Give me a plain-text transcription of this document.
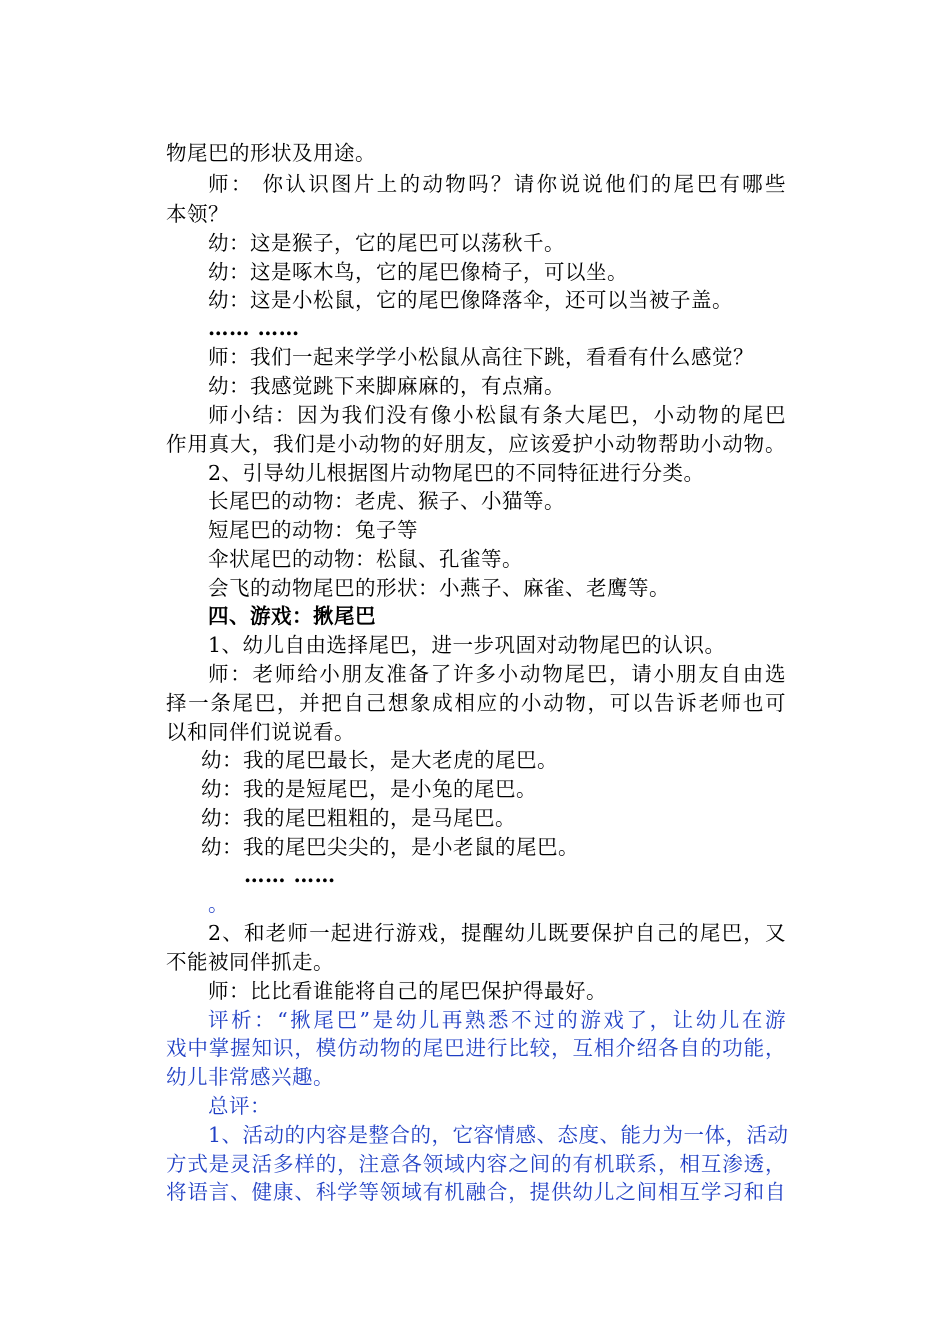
物尾巴的形状及用途。
师： 你认识图片上的动物吗？请你说说他们的尾巴有哪些
本领？
幼：这是猴子，它的尾巴可以荡秋千。
幼：这是啄木鸟，它的尾巴像椅子，可以坐。
幼：这是小松鼠，它的尾巴像降落伞，还可以当被子盖。
…… ……
师：我们一起来学学小松鼠从高往下跳，看看有什么感觉？
幼：我感觉跳下来脚麻麻的，有点痛。
师小结：因为我们没有像小松鼠有条大尾巴，小动物的尾巴
作用真大，我们是小动物的好朋友，应该爱护小动物帮助小动物。
2、引导幼儿根据图片动物尾巴的不同特征进行分类。
长尾巴的动物：老虎、猴子、小猫等。
短尾巴的动物：兔子等
伞状尾巴的动物：松鼠、孔雀等。
会飞的动物尾巴的形状：小燕子、麻雀、老鹰等。
四、游戏：揪尾巴
1、幼儿自由选择尾巴，进一步巩固对动物尾巴的认识。
师：老师给小朋友准备了许多小动物尾巴，请小朋友自由选
择一条尾巴，并把自己想象成相应的小动物，可以告诉老师也可
以和同伴们说说看。
幼：我的尾巴最长，是大老虎的尾巴。
幼：我的是短尾巴，是小兔的尾巴。
幼：我的尾巴粗粗的，是马尾巴。
幼：我的尾巴尖尖的，是小老鼠的尾巴。
…… ……
。
2、和老师一起进行游戏，提醒幼儿既要保护自己的尾巴，又
不能被同伴抓走。
师：比比看谁能将自己的尾巴保护得最好。
评析：“揪尾巴”是幼儿再熟悉不过的游戏了，让幼儿在游
戏中掌握知识，模仿动物的尾巴进行比较，互相介绍各自的功能，
幼儿非常感兴趣。
总评：
1、活动的内容是整合的，它容情感、态度、能力为一体，活动
方式是灵活多样的，注意各领域内容之间的有机联系，相互渗透，
将语言、健康、科学等领域有机融合，提供幼儿之间相互学习和自
